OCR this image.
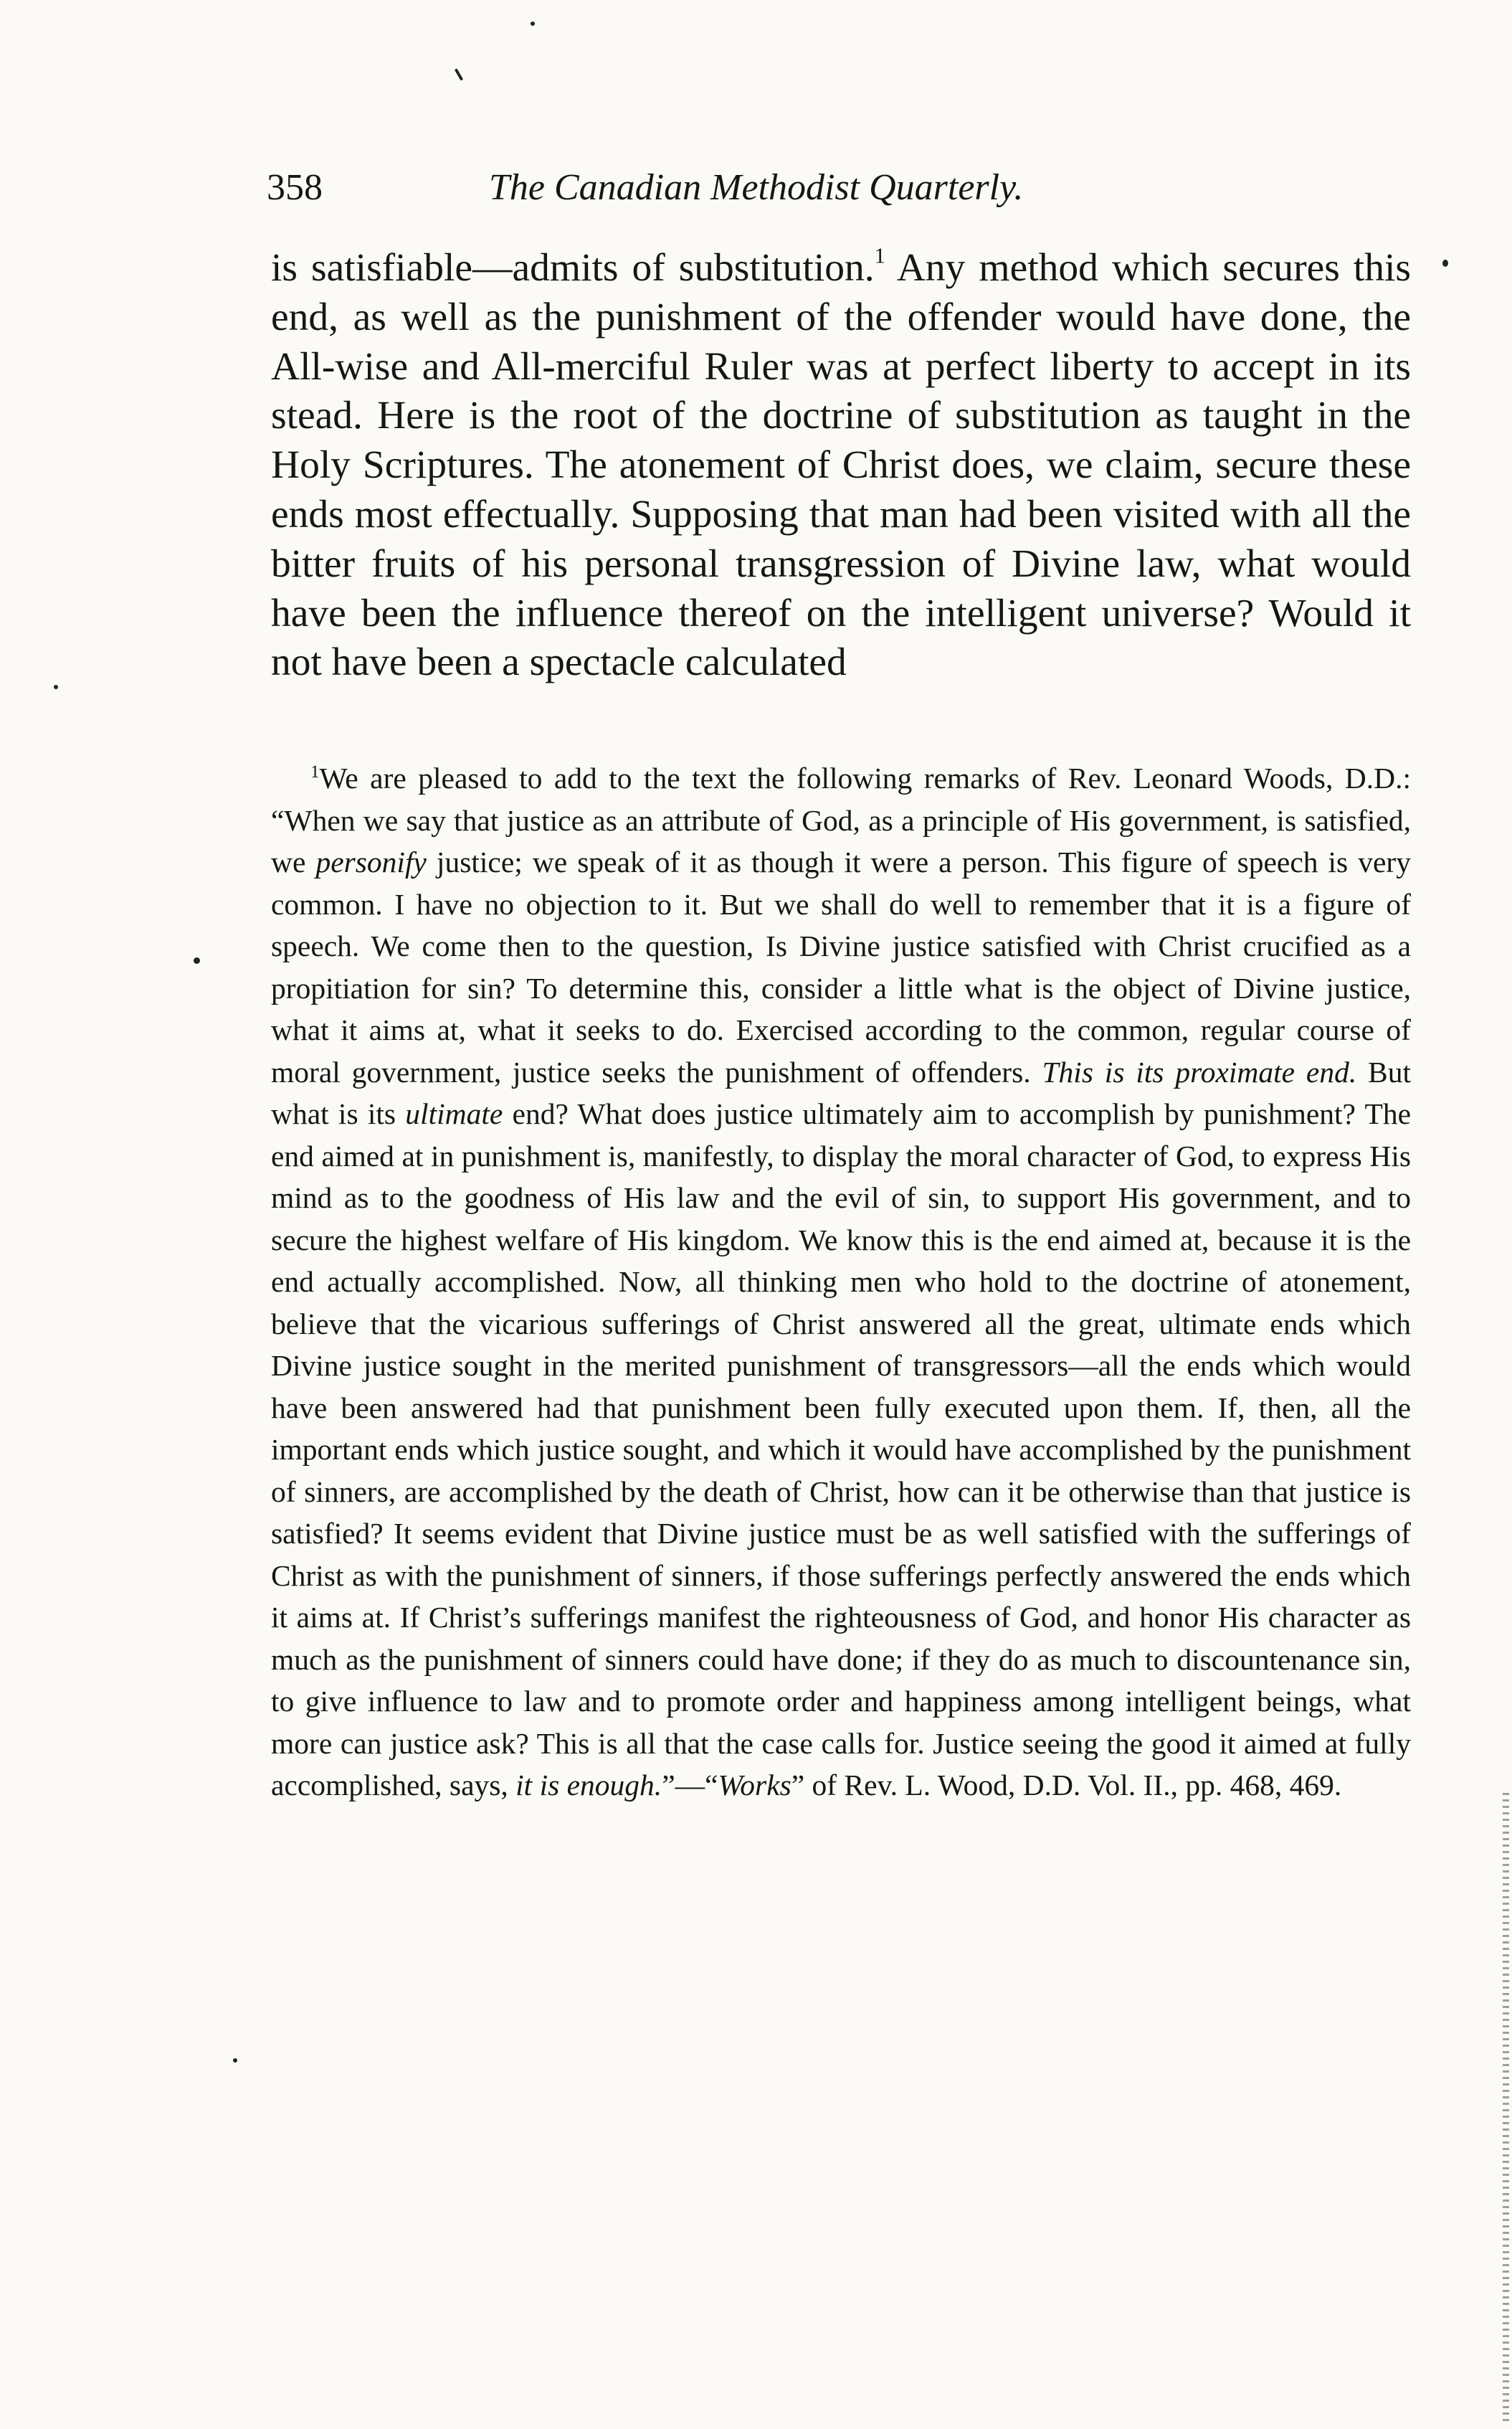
358	The Canadian Methodist Quarterly.

is satisfiable—admits of substitution.$^1$ Any method which secures this end, as well as the punishment of the offender would have done, the All-wise and All-merciful Ruler was at perfect liberty to accept in its stead. Here is the root of the doctrine of substitution as taught in the Holy Scriptures. The atonement of Christ does, we claim, secure these ends most effectually. Supposing that man had been visited with all the bitter fruits of his personal transgression of Divine law, what would have been the influence thereof on the intelligent universe? Would it not have been a spectacle calculated

$^1$We are pleased to add to the text the following remarks of Rev. Leonard Woods, D.D.: “When we say that justice as an attribute of God, as a principle of His government, is satisfied, we personify justice; we speak of it as though it were a person. This figure of speech is very common. I have no objection to it. But we shall do well to remember that it is a figure of speech. We come then to the question, Is Divine justice satisfied with Christ crucified as a propitiation for sin? To determine this, consider a little what is the object of Divine justice, what it aims at, what it seeks to do. Exercised according to the common, regular course of moral government, justice seeks the punishment of offenders. This is its proximate end. But what is its ultimate end? What does justice ultimately aim to accomplish by punishment? The end aimed at in punishment is, manifestly, to display the moral character of God, to express His mind as to the goodness of His law and the evil of sin, to support His government, and to secure the highest welfare of His kingdom. We know this is the end aimed at, because it is the end actually accomplished. Now, all thinking men who hold to the doctrine of atonement, believe that the vicarious sufferings of Christ answered all the great, ultimate ends which Divine justice sought in the merited punishment of transgressors—all the ends which would have been answered had that punishment been fully executed upon them. If, then, all the important ends which justice sought, and which it would have accomplished by the punishment of sinners, are accomplished by the death of Christ, how can it be otherwise than that justice is satisfied? It seems evident that Divine justice must be as well satisfied with the sufferings of Christ as with the punishment of sinners, if those sufferings perfectly answered the ends which it aims at. If Christ’s sufferings manifest the righteousness of God, and honor His character as much as the punishment of sinners could have done; if they do as much to discountenance sin, to give influence to law and to promote order and happiness among intelligent beings, what more can justice ask? This is all that the case calls for. Justice seeing the good it aimed at fully accomplished, says, it is enough.”—“Works” of Rev. L. Wood, D.D. Vol. II., pp. 468, 469.
